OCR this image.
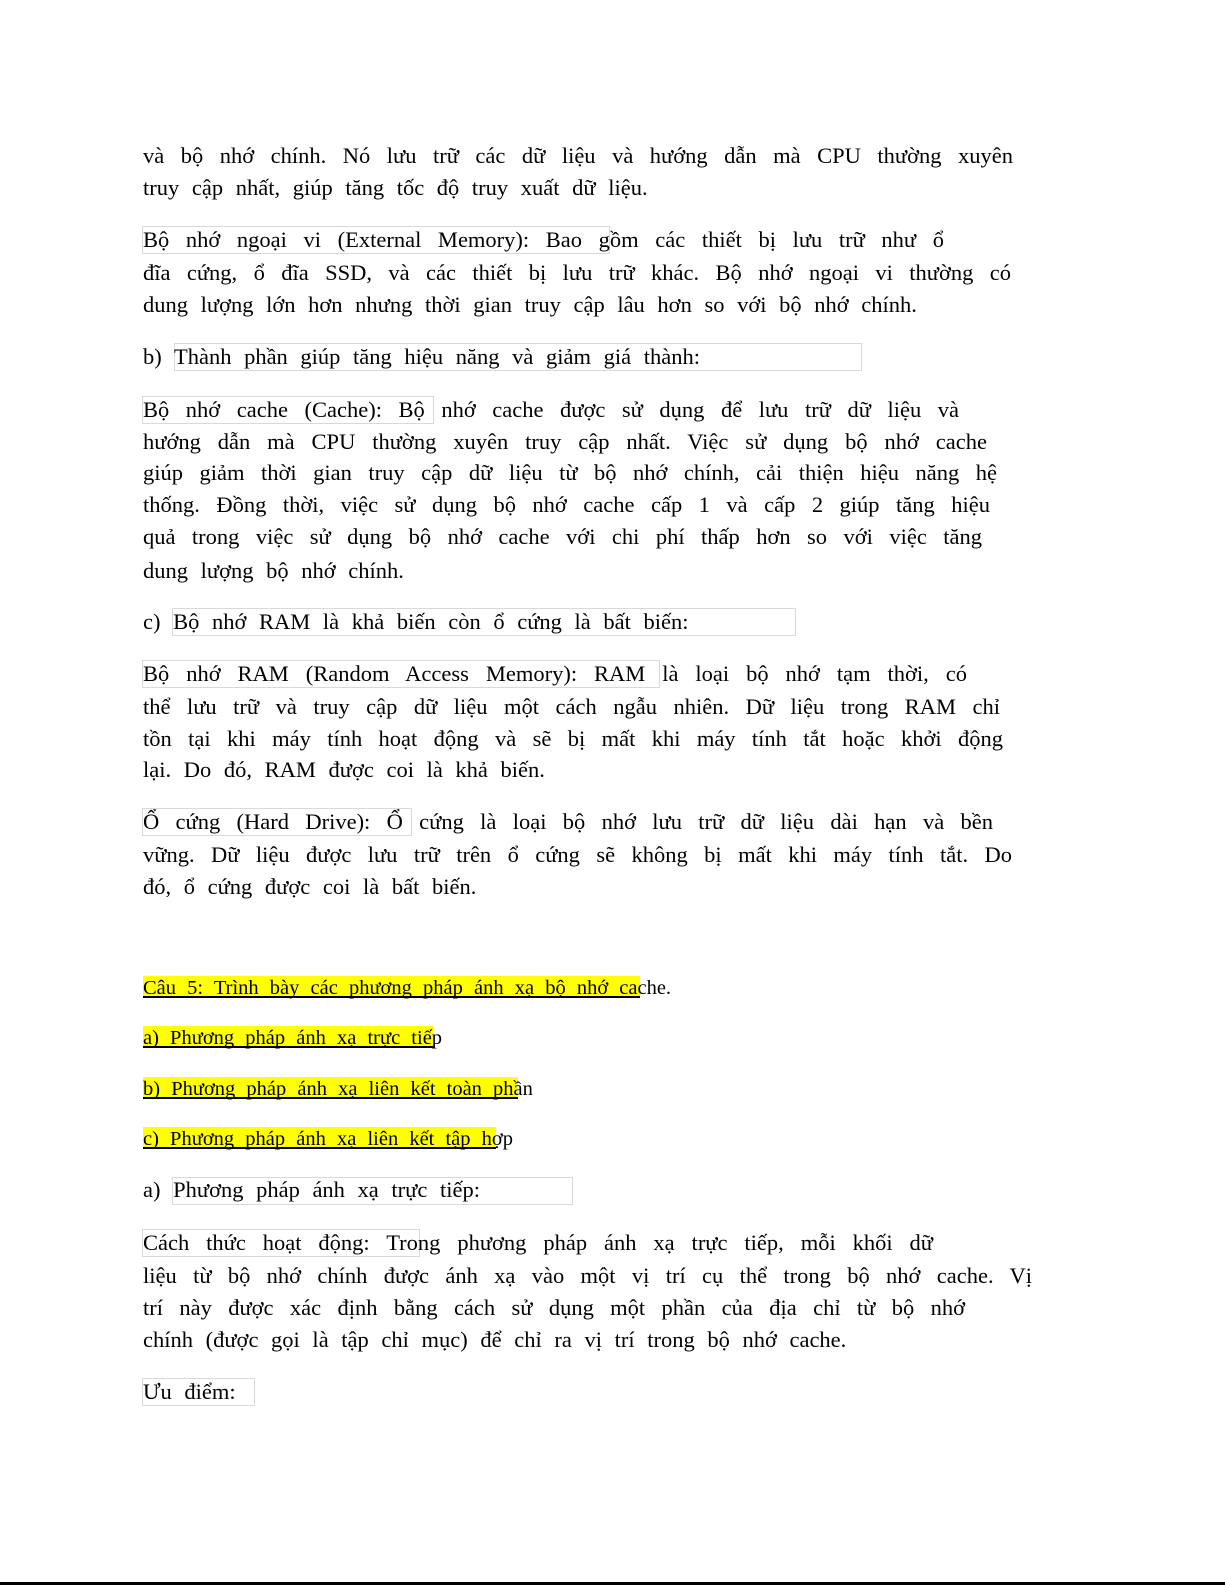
và bộ nhớ chính. Nó lưu trữ các dữ liệu và hướng dẫn mà CPU thường xuyên
truy cập nhất, giúp tăng tốc độ truy xuất dữ liệu.
Bộ nhớ ngoại vi (External Memory): Bao gồm các thiết bị lưu trữ như ổ
đĩa cứng, ổ đĩa SSD, và các thiết bị lưu trữ khác. Bộ nhớ ngoại vi thường có
dung lượng lớn hơn nhưng thời gian truy cập lâu hơn so với bộ nhớ chính.
b) Thành phần giúp tăng hiệu năng và giảm giá thành:
Bộ nhớ cache (Cache): Bộ nhớ cache được sử dụng để lưu trữ dữ liệu và
hướng dẫn mà CPU thường xuyên truy cập nhất. Việc sử dụng bộ nhớ cache
giúp giảm thời gian truy cập dữ liệu từ bộ nhớ chính, cải thiện hiệu năng hệ
thống. Đồng thời, việc sử dụng bộ nhớ cache cấp 1 và cấp 2 giúp tăng hiệu
quả trong việc sử dụng bộ nhớ cache với chi phí thấp hơn so với việc tăng
dung lượng bộ nhớ chính.
c) Bộ nhớ RAM là khả biến còn ổ cứng là bất biến:
Bộ nhớ RAM (Random Access Memory): RAM là loại bộ nhớ tạm thời, có
thể lưu trữ và truy cập dữ liệu một cách ngẫu nhiên. Dữ liệu trong RAM chỉ
tồn tại khi máy tính hoạt động và sẽ bị mất khi máy tính tắt hoặc khởi động
lại. Do đó, RAM được coi là khả biến.
Ổ cứng (Hard Drive): Ổ cứng là loại bộ nhớ lưu trữ dữ liệu dài hạn và bền
vững. Dữ liệu được lưu trữ trên ổ cứng sẽ không bị mất khi máy tính tắt. Do
đó, ổ cứng được coi là bất biến.
Câu 5: Trình bày các phương pháp ánh xạ bộ nhớ cache.
a) Phương pháp ánh xạ trực tiếp
b) Phương pháp ánh xạ liên kết toàn phần
c) Phương pháp ánh xạ liên kết tập hợp
a) Phương pháp ánh xạ trực tiếp:
Cách thức hoạt động: Trong phương pháp ánh xạ trực tiếp, mỗi khối dữ
liệu từ bộ nhớ chính được ánh xạ vào một vị trí cụ thể trong bộ nhớ cache. Vị
trí này được xác định bằng cách sử dụng một phần của địa chỉ từ bộ nhớ
chính (được gọi là tập chỉ mục) để chỉ ra vị trí trong bộ nhớ cache.
Ưu điểm:
